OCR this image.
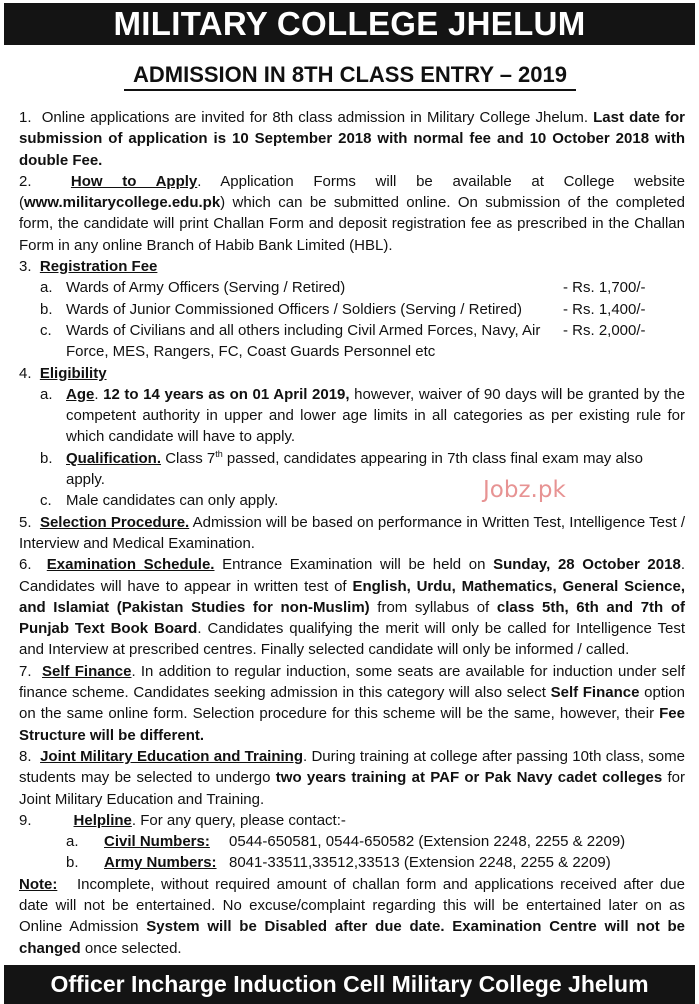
MILITARY COLLEGE JHELUM
ADMISSION IN 8TH CLASS ENTRY – 2019

1. Online applications are invited for 8th class admission in Military College Jhelum. Last date for submission of application is 10 September 2018 with normal fee and 10 October 2018 with double Fee.

2.	How to Apply. Application Forms will be available at College website (www.militarycollege.edu.pk) which can be submitted online. On submission of the completed form, the candidate will print Challan Form and deposit registration fee as prescribed in the Challan Form in any online Branch of Habib Bank Limited (HBL).

3. Registration Fee

a. Wards of Army Officers (Serving / Retired)	- Rs. 1,700/-
b. Wards of Junior Commissioned Officers / Soldiers (Serving / Retired)	- Rs. 1,400/-
c. Wards of Civilians and all others including Civil Armed Forces, Navy, Air Force, MES, Rangers, FC, Coast Guards Personnel etc
- Rs. 2,000/-

4. Eligibility

a. Age. 12 to 14 years as on 01 April 2019, however, waiver of 90 days will be granted by the competent authority in upper and lower age limits in all categories as per existing rule for which candidate will have to apply.
b. Qualification. Class 7th passed, candidates appearing in 7th class final exam may also apply.
c. Male candidates can only apply.

5. Selection Procedure. Admission will be based on performance in Written Test, Intelligence Test / Interview and Medical Examination.

6. Examination Schedule. Entrance Examination will be held on Sunday, 28 October 2018. Candidates will have to appear in written test of English, Urdu, Mathematics, General Science, and Islamiat (Pakistan Studies for non-Muslim) from syllabus of class 5th, 6th and 7th of Punjab Text Book Board. Candidates qualifying the merit will only be called for Intelligence Test and Interview at prescribed centres. Finally selected candidate will only be informed / called.

7. Self Finance. In addition to regular induction, some seats are available for induction under self finance scheme. Candidates seeking admission in this category will also select Self Finance option on the same online form. Selection procedure for this scheme will be the same, however, their Fee Structure will be different.

8. Joint Military Education and Training. During training at college after passing 10th class, some students may be selected to undergo two years training at PAF or Pak Navy cadet colleges for Joint Military Education and Training.

9.	Helpline. For any query, please contact:-

a.	Civil Numbers:	0544-650581, 0544-650582 (Extension 2248, 2255 & 2209)
b.	Army Numbers: 8041-33511,33512,33513 (Extension 2248, 2255 & 2209)

Note: Incomplete, without required amount of challan form and applications received after due date will not be entertained. No excuse/complaint regarding this will be entertained later on as Online Admission System will be Disabled after due date. Examination Centre will not be changed once selected.

Jobz.pk
Officer Incharge Induction Cell Military College Jhelum
